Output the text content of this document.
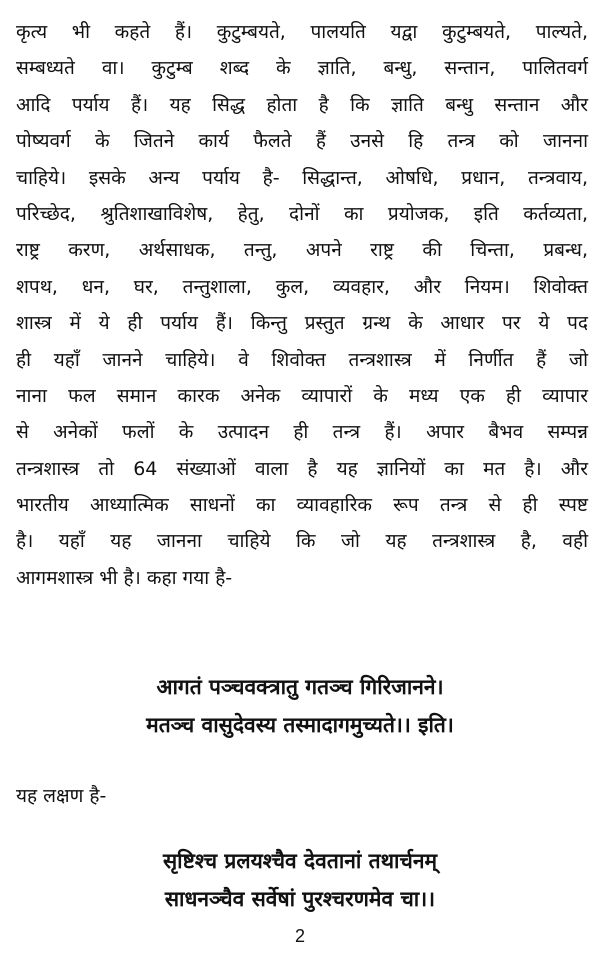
कृत्य भी कहते हैं। कुटुम्बयते, पालयति यद्वा कुटुम्बयते, पाल्यते,
सम्बध्यते वा। कुटुम्ब शब्द के ज्ञाति, बन्धु, सन्तान, पालितवर्ग
आदि पर्याय हैं। यह सिद्ध होता है कि ज्ञाति बन्धु सन्तान और
पोष्यवर्ग के जितने कार्य फैलते हैं उनसे हि तन्त्र को जानना
चाहिये। इसके अन्य पर्याय है- सिद्धान्त, ओषधि, प्रधान, तन्त्रवाय,
परिच्छेद, श्रुतिशाखाविशेष, हेतु, दोनों का प्रयोजक, इति कर्तव्यता,
राष्ट्र करण, अर्थसाधक, तन्तु, अपने राष्ट्र की चिन्ता, प्रबन्ध,
शपथ, धन, घर, तन्तुशाला, कुल, व्यवहार, और नियम। शिवोक्त
शास्त्र में ये ही पर्याय हैं। किन्तु प्रस्तुत ग्रन्थ के आधार पर ये पद
ही यहाँ जानने चाहिये। वे शिवोक्त तन्त्रशास्त्र में निर्णीत हैं जो
नाना फल समान कारक अनेक व्यापारों के मध्य एक ही व्यापार
से अनेकों फलों के उत्पादन ही तन्त्र हैं। अपार बैभव सम्पन्न
तन्त्रशास्त्र तो 64 संख्याओं वाला है यह ज्ञानियों का मत है। और
भारतीय आध्यात्मिक साधनों का व्यावहारिक रूप तन्त्र से ही स्पष्ट
है। यहाँ यह जानना चाहिये कि जो यह तन्त्रशास्त्र है, वही
आगमशास्त्र भी है। कहा गया है-
आगतं पञ्चवक्त्रातु गतञ्च गिरिजानने।
मतञ्च वासुदेवस्य तस्मादागमुच्यते।। इति।
यह लक्षण है-
सृष्टिश्च प्रलयश्चैव देवतानां तथार्चनम्
साधनञ्चैव सर्वेषां पुरश्चरणमेव चा।।
2
